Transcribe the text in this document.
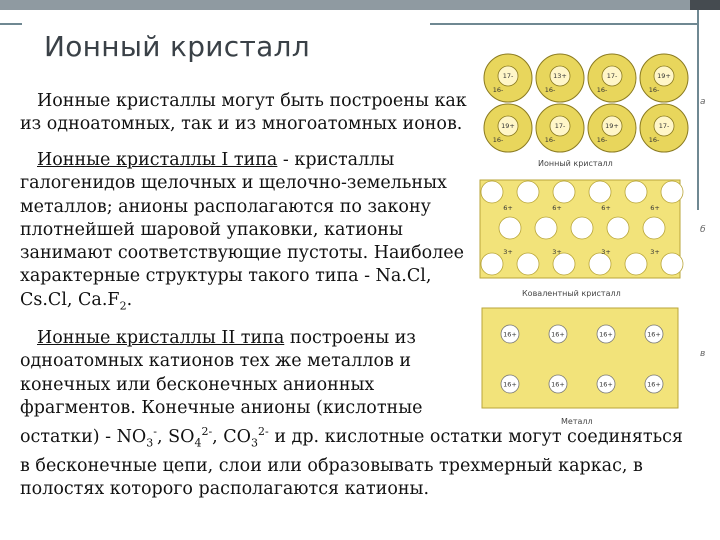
Ионный кристалл
Ионные кристаллы могут быть построены как
из одноатомных, так и из многоатомных ионов.
Ионные кристаллы I типа - кристаллы
галогенидов щелочных и щелочно-земельных
металлов; анионы располагаются по закону
плотнейшей шаровой упаковки, катионы
занимают соответствующие пустоты. Наиболее
характерные структуры такого типа - Na.Cl,
Cs.Cl, $Ca.F_2$.
Ионные кристаллы II типа построены из
одноатомных катионов тех же металлов и
конечных или бесконечных анионных
фрагментов. Конечные анионы (кислотные
остатки) - $NO_3^-$, $SO_4^{2-}$, $CO_3^{2-}$ и др. кислотные остатки могут соединяться
в бесконечные цепи, слои или образовывать трехмерный каркас, в
полостях которого располагаются катионы.
17-
16-
13+
16-
17-
16-
19+
16-
19+
16-
17-
16-
19+
16-
17-
16-
Ионный кристалл
а
6+	6+	6+	6+
3+	3+	3+	3+
Ковалентный кристалл
б
16+	16+	16+	16+
16+	16+	16+	16+
Металл
в
